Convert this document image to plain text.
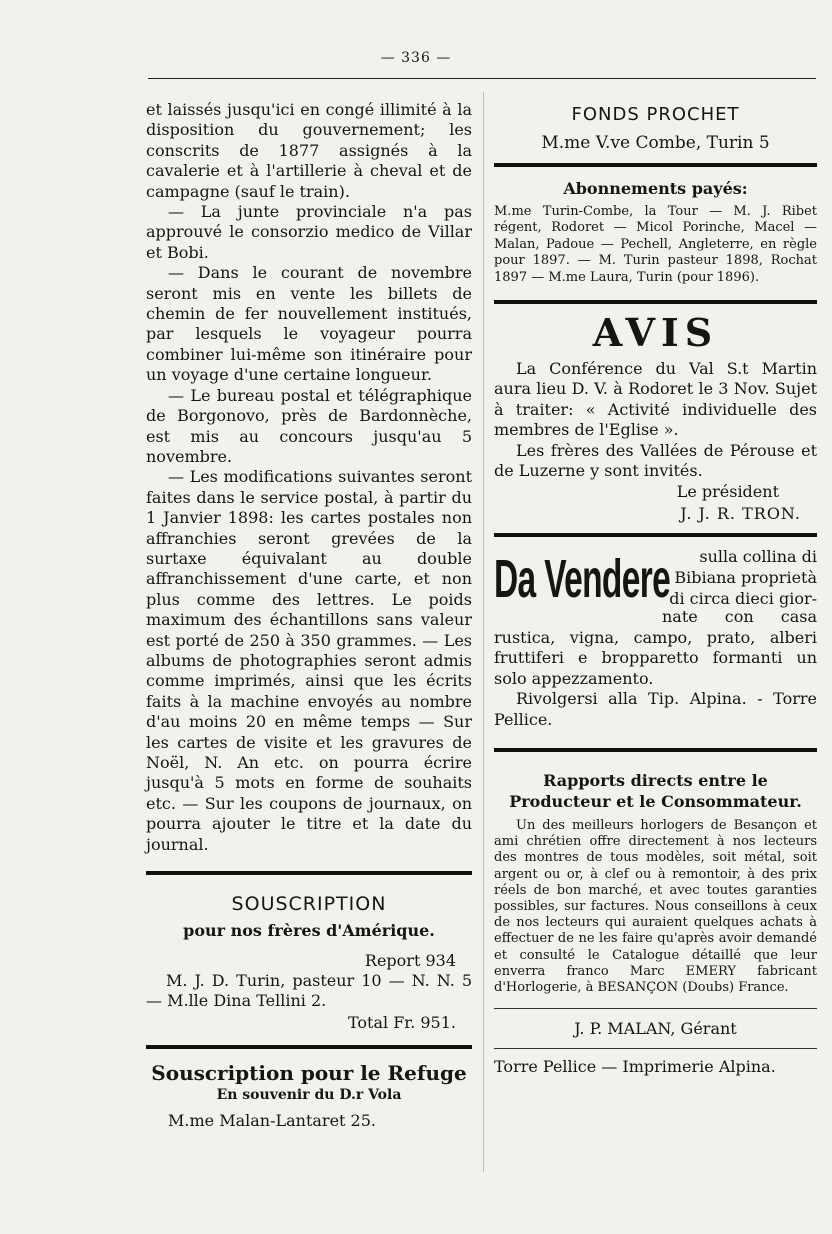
— 336 —

et laissés jusqu'ici en congé illimité à la disposition du gouvernement; les conscrits de 1877 assignés à la cavalerie et à l'artillerie à cheval et de campagne (sauf le train).

— La junte provinciale n'a pas approuvé le consorzio medico de Villar et Bobi.

— Dans le courant de novembre seront mis en vente les billets de chemin de fer nouvellement institués, par lesquels le voyageur pourra combiner lui-même son itinéraire pour un voyage d'une certaine longueur.

— Le bureau postal et télégraphique de Borgonovo, près de Bardonnèche, est mis au concours jusqu'au 5 novembre.

— Les modifications suivantes seront faites dans le service postal, à partir du 1 Janvier 1898: les cartes postales non affranchies seront grevées de la surtaxe équivalant au double affranchissement d'une carte, et non plus comme des lettres. Le poids maximum des échantillons sans valeur est porté de 250 à 350 grammes. — Les albums de photographies seront admis comme imprimés, ainsi que les écrits faits à la machine envoyés au nombre d'au moins 20 en même temps — Sur les cartes de visite et les gravures de Noël, N. An etc. on pourra écrire jusqu'à 5 mots en forme de souhaits etc. — Sur les coupons de journaux, on pourra ajouter le titre et la date du journal.

SOUSCRIPTION
pour nos frères d'Amérique.
Report 934

M. J. D. Turin, pasteur 10 — N. N. 5 — M.lle Dina Tellini 2.

Total Fr. 951.
Souscription pour le Refuge
En souvenir du D.r Vola
M.me Malan-Lantaret 25.
FONDS PROCHET
M.me V.ve Combe, Turin 5
Abonnements payés:

M.me Turin-Combe, la Tour — M. J. Ribet régent, Rodoret — Micol Porinche, Macel — Malan, Padoue — Pechell, Angleterre, en règle pour 1897. — M. Turin pasteur 1898, Rochat 1897 — M.me Laura, Turin (pour 1896).

AVIS

La Conférence du Val S.t Martin aura lieu D. V. à Rodoret le 3 Nov. Sujet à traiter: « Activité individuelle des membres de l'Eglise ».

Les frères des Vallées de Pérouse et de Luzerne y sont invités.

Le président
J. J. R. TRON.
Da Vendere	sulla collina di
Bibiana proprietà
di circa dieci gior-

nate con casa rustica, vigna, campo, prato, alberi fruttiferi e bropparetto formanti un solo appezzamento.

Rivolgersi alla Tip. Alpina. - Torre Pellice.

Rapports directs entre le Producteur et le Consommateur.

Un des meilleurs horlogers de Besançon et ami chrétien offre directement à nos lecteurs des montres de tous modèles, soit métal, soit argent ou or, à clef ou à remontoir, à des prix réels de bon marché, et avec toutes garanties possibles, sur factures. Nous conseillons à ceux de nos lecteurs qui auraient quelques achats à effectuer de ne les faire qu'après avoir demandé et consulté le Catalogue détaillé que leur enverra franco Marc EMERY fabricant d'Horlogerie, à BESANÇON (Doubs) France.

J. P. MALAN, Gérant
Torre Pellice — Imprimerie Alpina.
